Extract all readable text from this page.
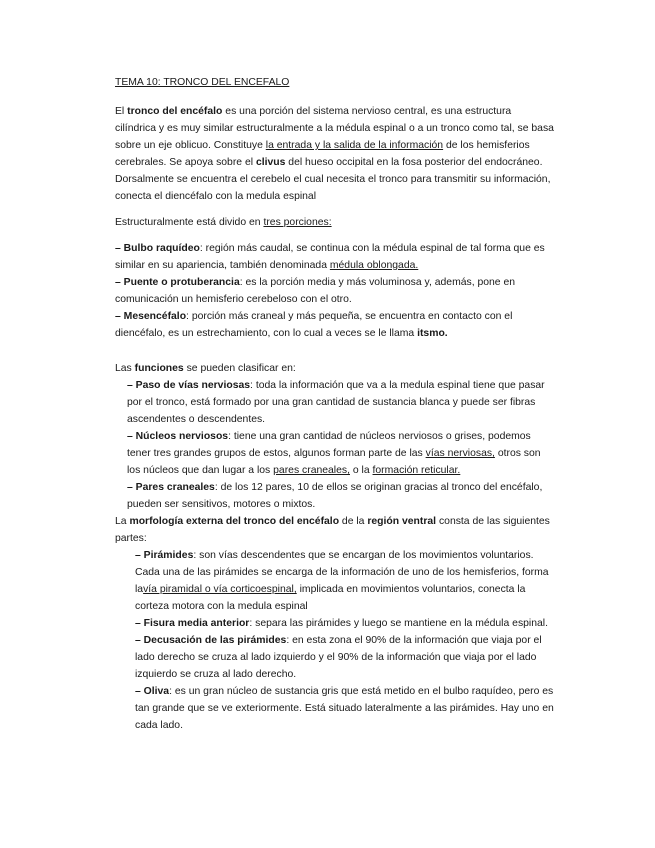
TEMA 10: TRONCO DEL ENCEFALO

El tronco del encéfalo es una porción del sistema nervioso central, es una estructura cilíndrica y es muy similar estructuralmente a la médula espinal o a un tronco como tal, se basa sobre un eje oblicuo. Constituye la entrada y la salida de la información de los hemisferios cerebrales. Se apoya sobre el clivus del hueso occipital en la fosa posterior del endocráneo. Dorsalmente se encuentra el cerebelo el cual necesita el tronco para transmitir su información, conecta el diencéfalo con la medula espinal

Estructuralmente está divido en tres porciones:

– Bulbo raquídeo: región más caudal, se continua con la médula espinal de tal forma que es similar en su apariencia, también denominada médula oblongada.

– Puente o protuberancia: es la porción media y más voluminosa y, además, pone en comunicación un hemisferio cerebeloso con el otro.

– Mesencéfalo: porción más craneal y más pequeña, se encuentra en contacto con el diencéfalo, es un estrechamiento, con lo cual a veces se le llama itsmo.

Las funciones se pueden clasificar en:

– Paso de vías nerviosas: toda la información que va a la medula espinal tiene que pasar por el tronco, está formado por una gran cantidad de sustancia blanca y puede ser fibras ascendentes o descendentes.

– Núcleos nerviosos: tiene una gran cantidad de núcleos nerviosos o grises, podemos tener tres grandes grupos de estos, algunos forman parte de las vías nerviosas, otros son los núcleos que dan lugar a los pares craneales, o la formación reticular.

– Pares craneales: de los 12 pares, 10 de ellos se originan gracias al tronco del encéfalo, pueden ser sensitivos, motores o mixtos.

La morfología externa del tronco del encéfalo de la región ventral consta de las siguientes partes:

– Pirámides: son vías descendentes que se encargan de los movimientos voluntarios. Cada una de las pirámides se encarga de la información de uno de los hemisferios, forma lavía piramidal o vía corticoespinal, implicada en movimientos voluntarios, conecta la corteza motora con la medula espinal

– Fisura media anterior: separa las pirámides y luego se mantiene en la médula espinal.

– Decusación de las pirámides: en esta zona el 90% de la información que viaja por el lado derecho se cruza al lado izquierdo y el 90% de la información que viaja por el lado izquierdo se cruza al lado derecho.

– Oliva: es un gran núcleo de sustancia gris que está metido en el bulbo raquídeo, pero es tan grande que se ve exteriormente. Está situado lateralmente a las pirámides. Hay uno en cada lado.
